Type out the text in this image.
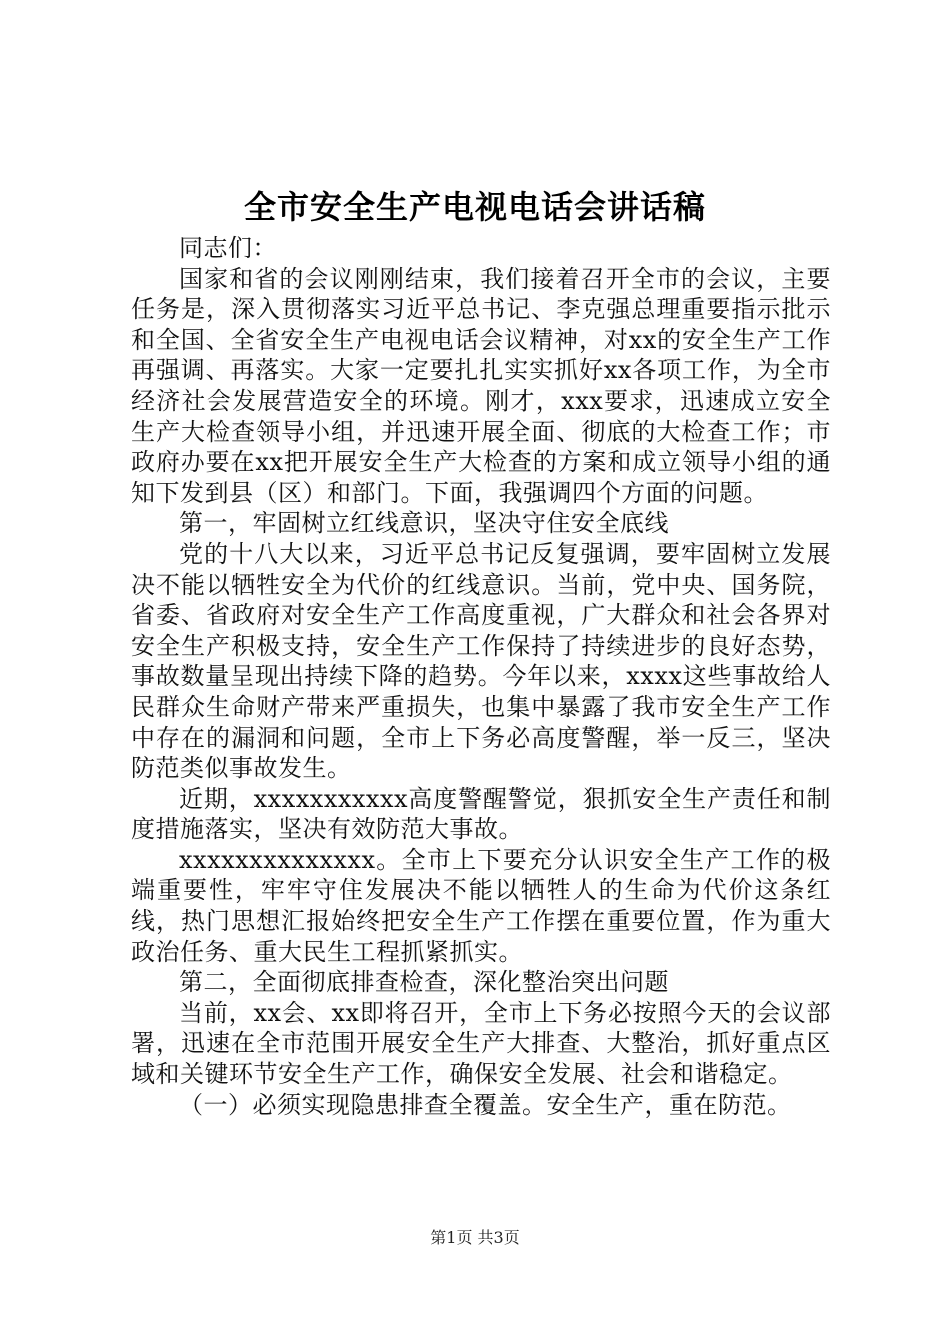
全市安全生产电视电话会讲话稿

同志们：

国家和省的会议刚刚结束，我们接着召开全市的会议，主要任务是，深入贯彻落实习近平总书记、李克强总理重要指示批示和全国、全省安全生产电视电话会议精神，对xx的安全生产工作再强调、再落实。大家一定要扎扎实实抓好xx各项工作，为全市经济社会发展营造安全的环境。刚才，xxx要求，迅速成立安全生产大检查领导小组，并迅速开展全面、彻底的大检查工作；市政府办要在xx把开展安全生产大检查的方案和成立领导小组的通知下发到县（区）和部门。下面，我强调四个方面的问题。

第一，牢固树立红线意识，坚决守住安全底线

党的十八大以来，习近平总书记反复强调，要牢固树立发展决不能以牺牲安全为代价的红线意识。当前，党中央、国务院，省委、省政府对安全生产工作高度重视，广大群众和社会各界对安全生产积极支持，安全生产工作保持了持续进步的良好态势，事故数量呈现出持续下降的趋势。今年以来，xxxx这些事故给人民群众生命财产带来严重损失，也集中暴露了我市安全生产工作中存在的漏洞和问题，全市上下务必高度警醒，举一反三，坚决防范类似事故发生。

近期，xxxxxxxxxxx高度警醒警觉，狠抓安全生产责任和制度措施落实，坚决有效防范大事故。

xxxxxxxxxxxxxx。全市上下要充分认识安全生产工作的极端重要性，牢牢守住发展决不能以牺牲人的生命为代价这条红线，热门思想汇报始终把安全生产工作摆在重要位置，作为重大政治任务、重大民生工程抓紧抓实。

第二，全面彻底排查检查，深化整治突出问题

当前，xx会、xx即将召开，全市上下务必按照今天的会议部署，迅速在全市范围开展安全生产大排查、大整治，抓好重点区域和关键环节安全生产工作，确保安全发展、社会和谐稳定。

（一）必须实现隐患排查全覆盖。安全生产，重在防范。

第1页 共3页
